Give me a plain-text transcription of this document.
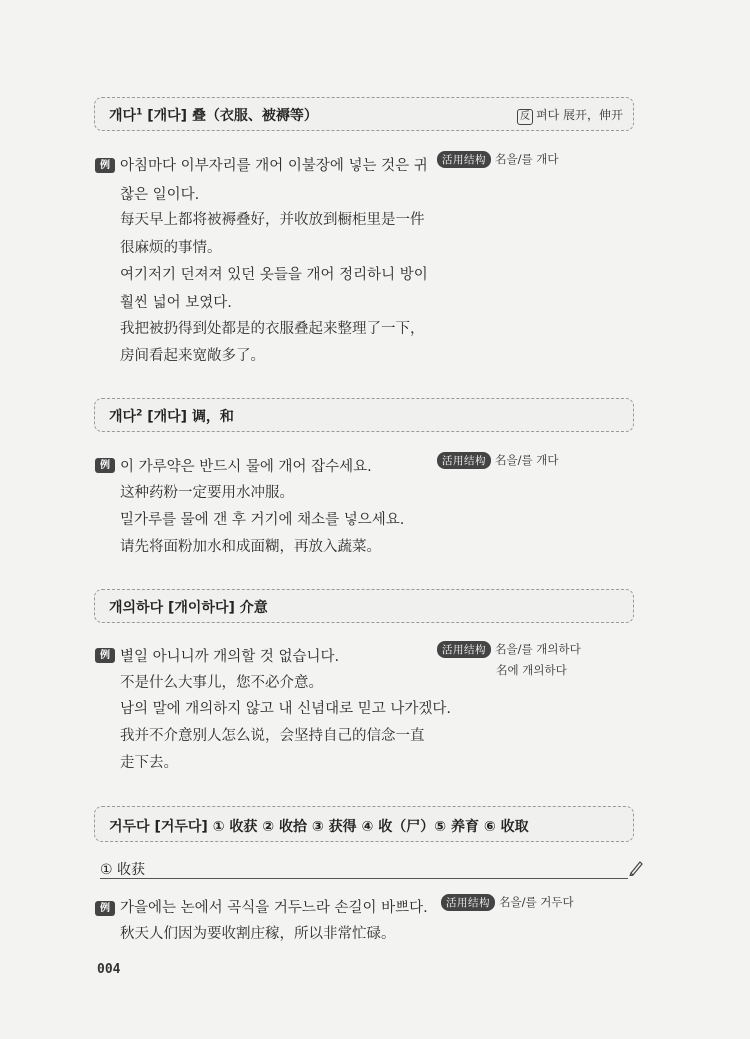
개다$^1$ [개다] 叠（衣服、被褥等）	反 펴다 展开，伸开
例	活用结构 名을/를 개다
아침마다 이부자리를 개어 이불장에 넣는 것은 귀
찮은 일이다.
每天早上都将被褥叠好，并收放到橱柜里是一件
很麻烦的事情。
여기저기 던져져 있던 옷들을 개어 정리하니 방이
훨씬 넓어 보였다.
我把被扔得到处都是的衣服叠起来整理了一下，
房间看起来宽敞多了。
개다$^2$ [개다] 调，和
例	活用结构 名을/를 개다
이 가루약은 반드시 물에 개어 잡수세요.
这种药粉一定要用水冲服。
밀가루를 물에 갠 후 거기에 채소를 넣으세요.
请先将面粉加水和成面糊，再放入蔬菜。
개의하다 [개이하다] 介意
例	活用结构 名을/를 개의하다
名에 개의하다
별일 아니니까 개의할 것 없습니다.
不是什么大事儿，您不必介意。
남의 말에 개의하지 않고 내 신념대로 믿고 나가겠다.
我并不介意别人怎么说，会坚持自己的信念一直
走下去。
거두다 [거두다] ① 收获 ② 收拾 ③ 获得 ④ 收（尸）⑤ 养育 ⑥ 收取
① 收获
例	活用结构 名을/를 거두다
가을에는 논에서 곡식을 거두느라 손길이 바쁘다.
秋天人们因为要收割庄稼，所以非常忙碌。
004
